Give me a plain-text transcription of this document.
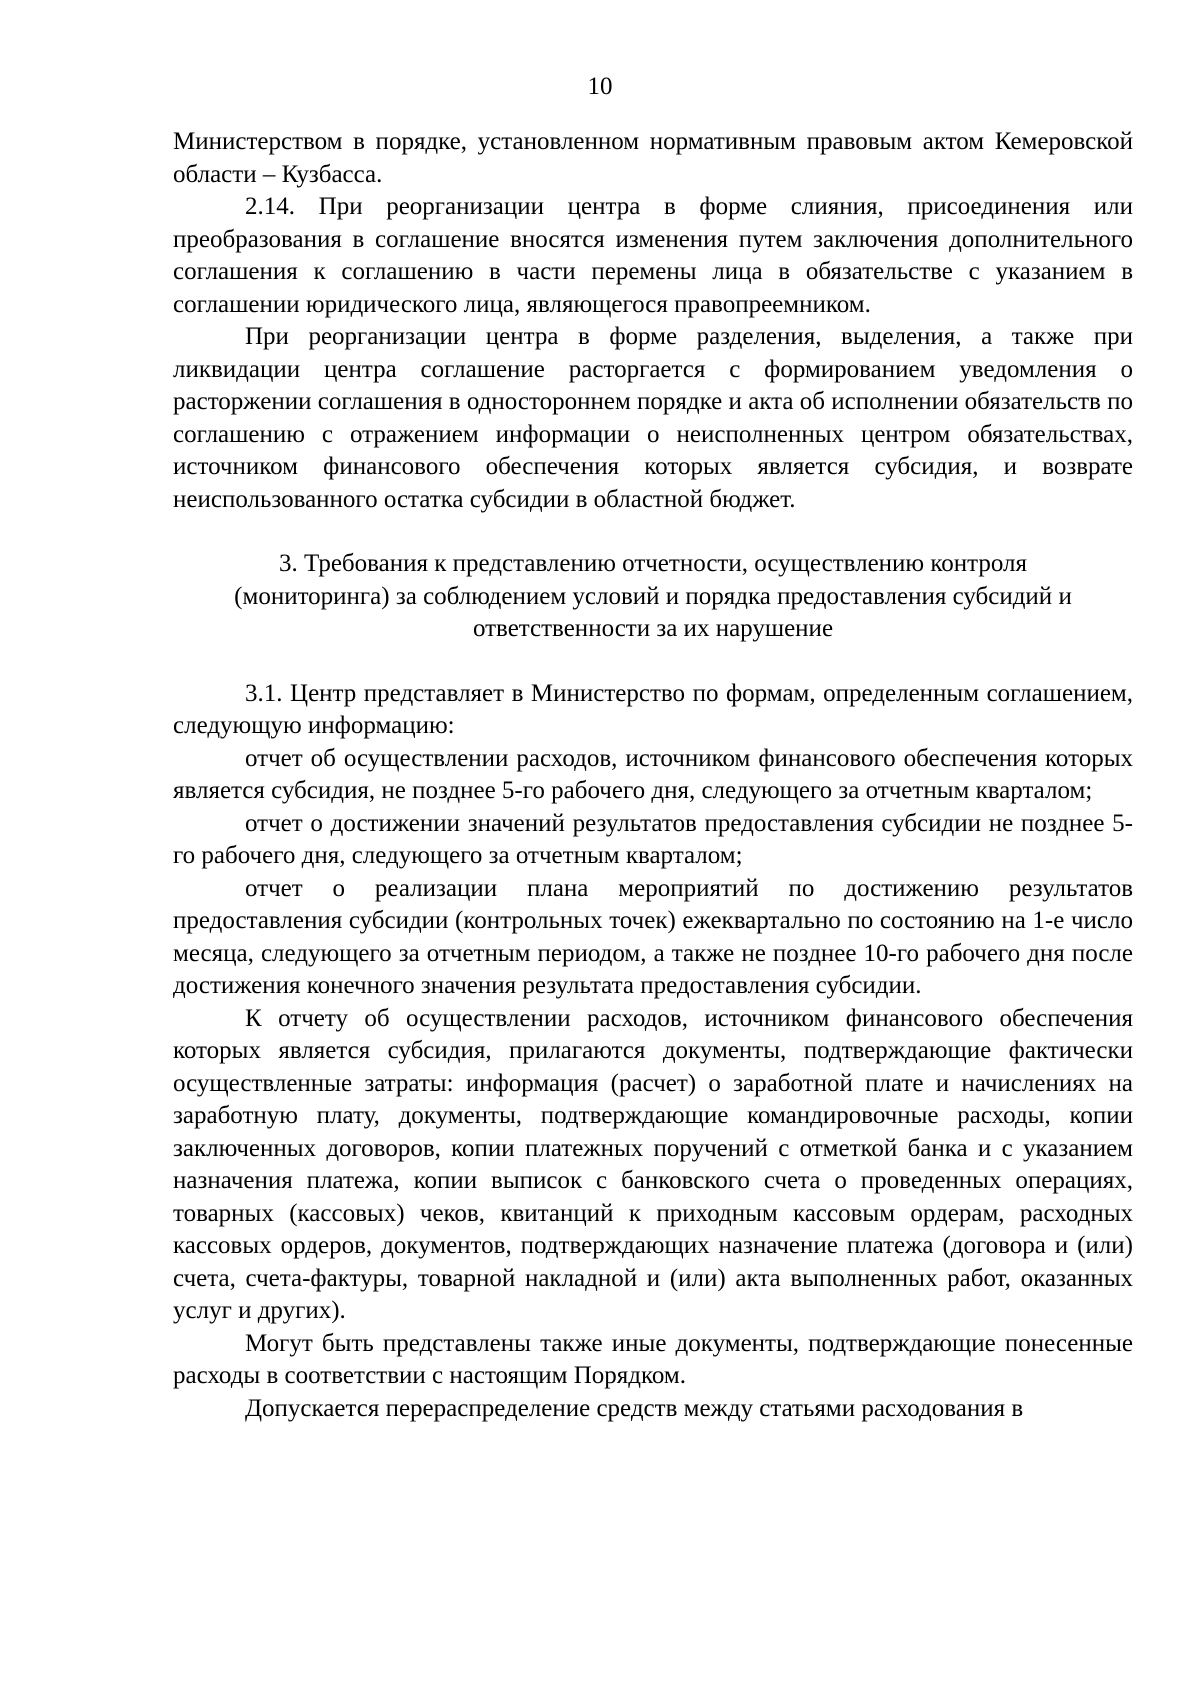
10

Министерством в порядке, установленном нормативным правовым актом Кемеровской области – Кузбасса.

2.14. При реорганизации центра в форме слияния, присоединения или преобразования в соглашение вносятся изменения путем заключения дополнительного соглашения к соглашению в части перемены лица в обязательстве с указанием в соглашении юридического лица, являющегося правопреемником.

При реорганизации центра в форме разделения, выделения, а также при ликвидации центра соглашение расторгается с формированием уведомления о расторжении соглашения в одностороннем порядке и акта об исполнении обязательств по соглашению с отражением информации о неисполненных центром обязательствах, источником финансового обеспечения которых является субсидия, и возврате неиспользованного остатка субсидии в областной бюджет.

3. Требования к представлению отчетности, осуществлению контроля
(мониторинга) за соблюдением условий и порядка предоставления субсидий и
ответственности за их нарушение

3.1. Центр представляет в Министерство по формам, определенным соглашением, следующую информацию:

отчет об осуществлении расходов, источником финансового обеспечения которых является субсидия, не позднее 5-го рабочего дня, следующего за отчетным кварталом;

отчет о достижении значений результатов предоставления субсидии не позднее 5-го рабочего дня, следующего за отчетным кварталом;

отчет о реализации плана мероприятий по достижению результатов предоставления субсидии (контрольных точек) ежеквартально по состоянию на 1-е число месяца, следующего за отчетным периодом, а также не позднее 10-го рабочего дня после достижения конечного значения результата предоставления субсидии.

К отчету об осуществлении расходов, источником финансового обеспечения которых является субсидия, прилагаются документы, подтверждающие фактически осуществленные затраты: информация (расчет) о заработной плате и начислениях на заработную плату, документы, подтверждающие командировочные расходы, копии заключенных договоров, копии платежных поручений с отметкой банка и с указанием назначения платежа, копии выписок с банковского счета о проведенных операциях, товарных (кассовых) чеков, квитанций к приходным кассовым ордерам, расходных кассовых ордеров, документов, подтверждающих назначение платежа (договора и (или) счета, счета-фактуры, товарной накладной и (или) акта выполненных работ, оказанных услуг и других).

Могут быть представлены также иные документы, подтверждающие понесенные расходы в соответствии с настоящим Порядком.

Допускается перераспределение средств между статьями расходования в
